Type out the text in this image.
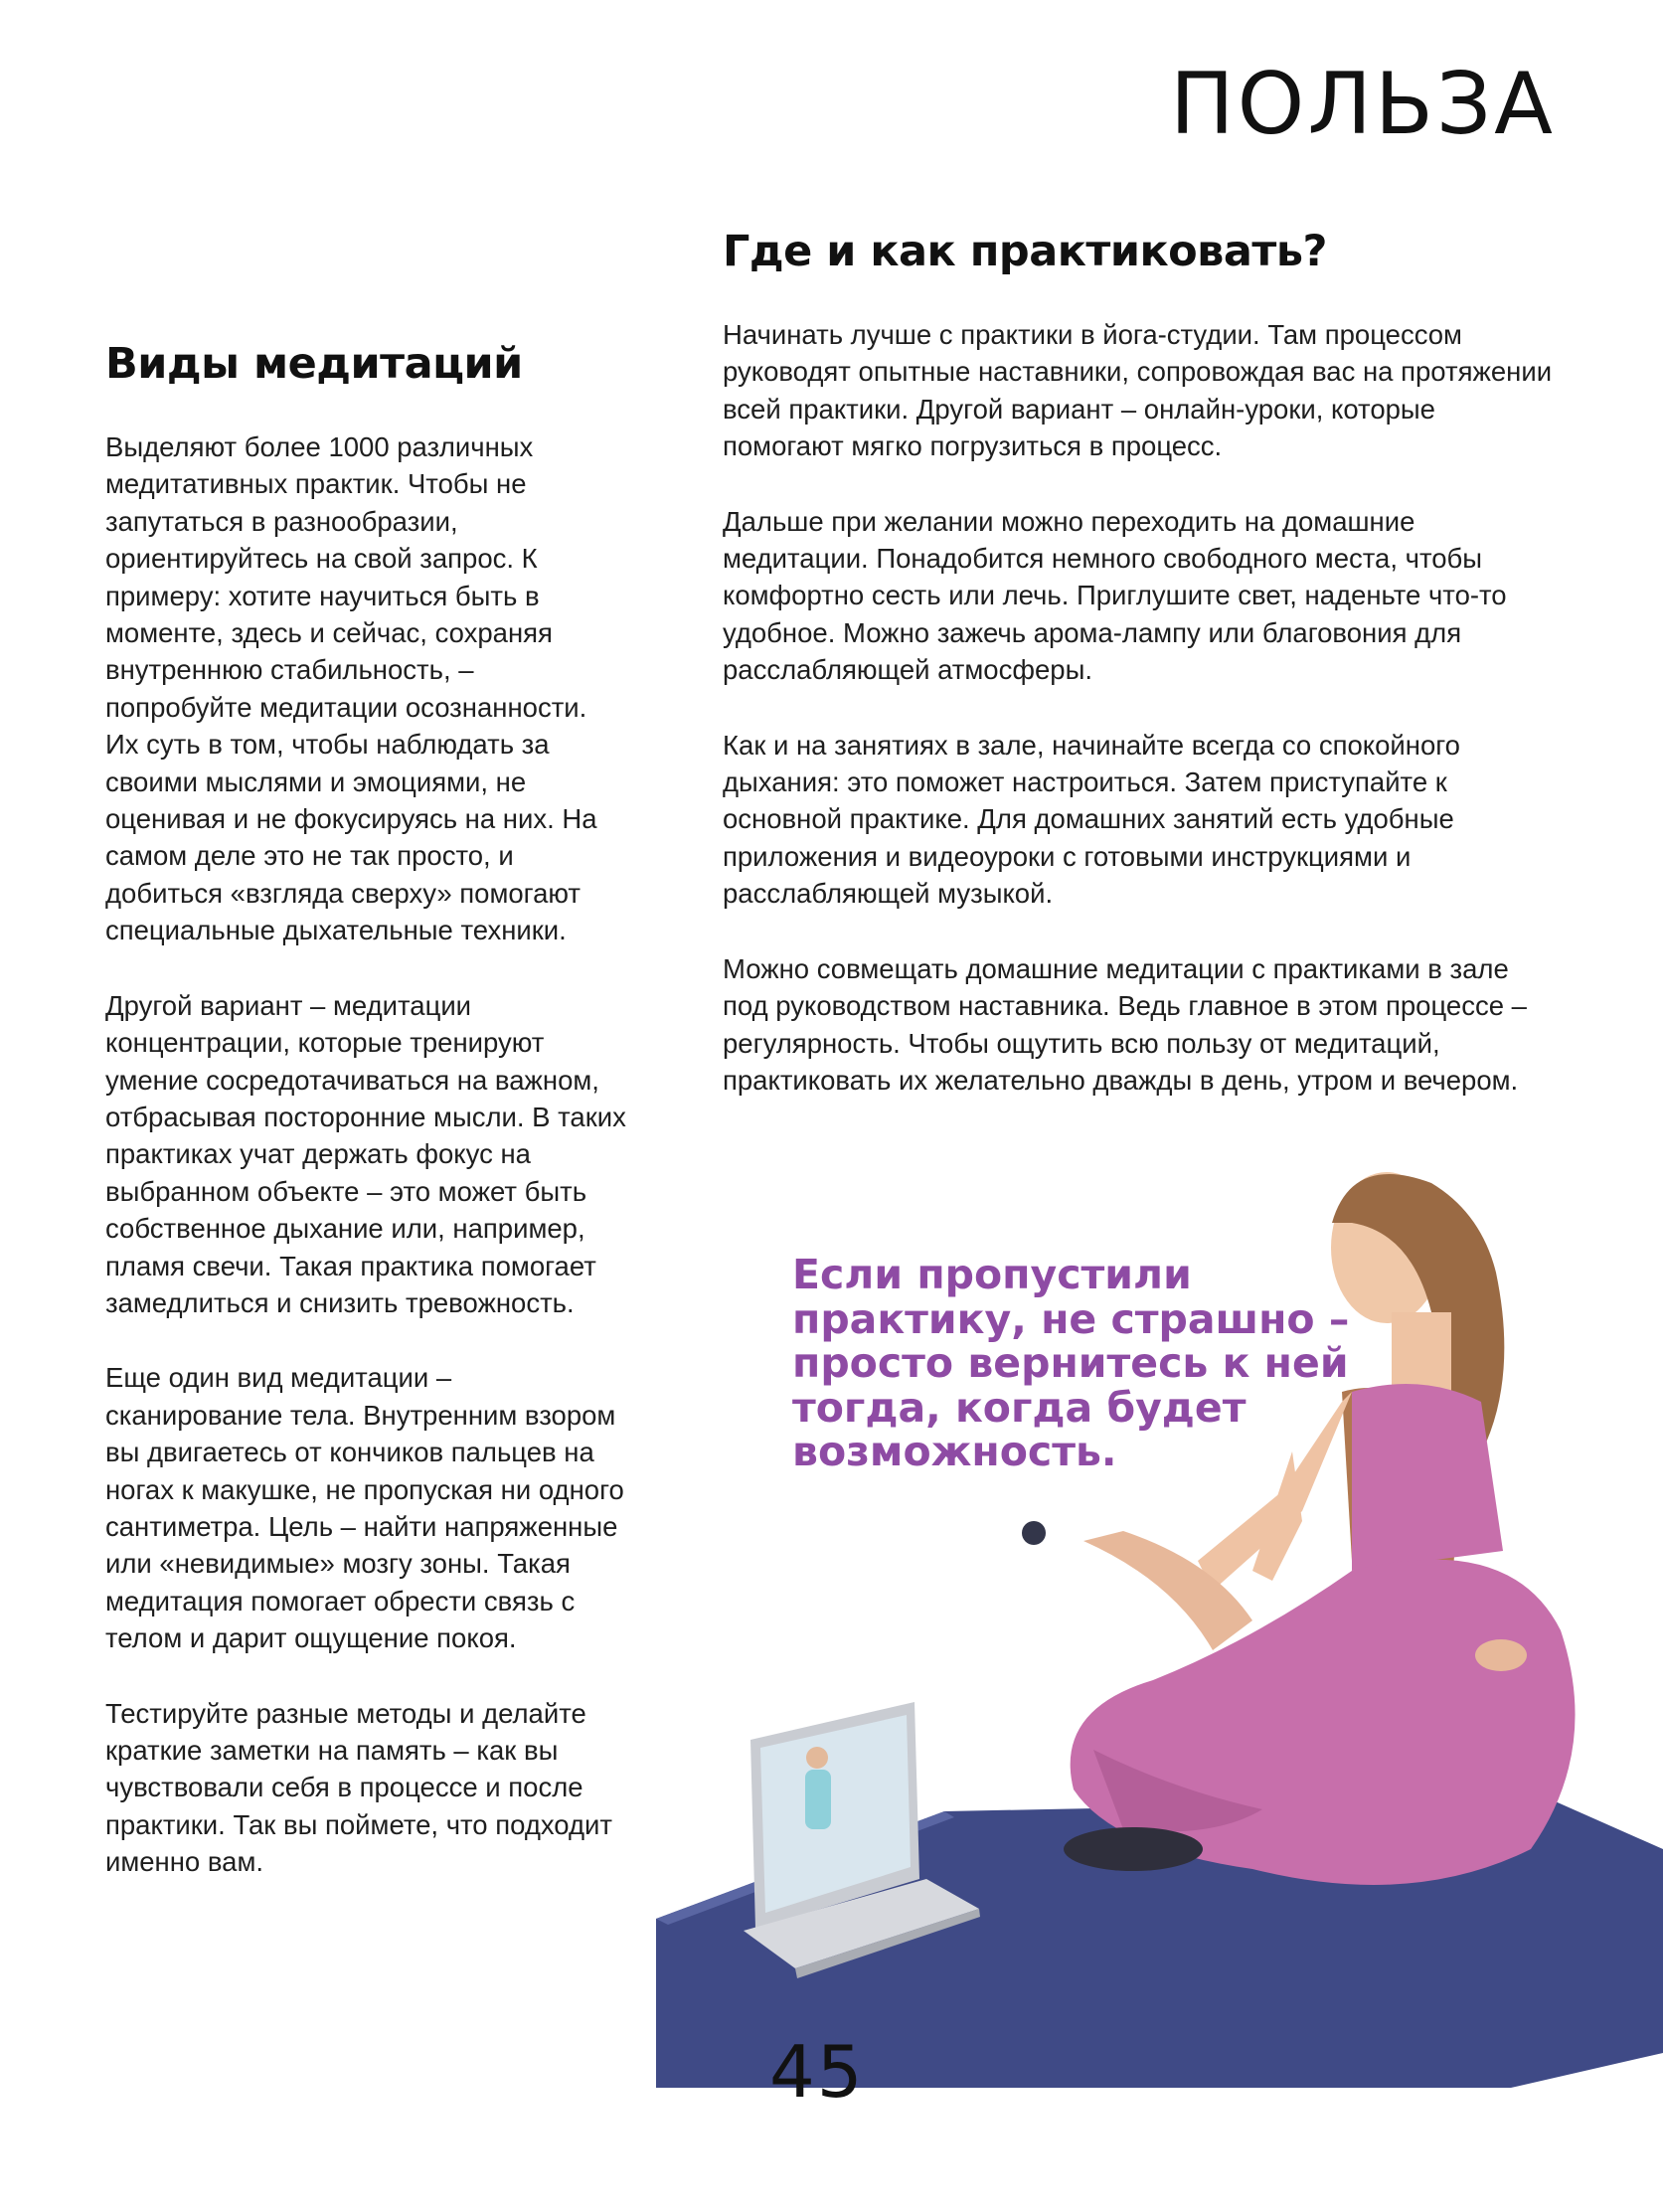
ПОЛЬЗА
Виды медитаций

Выделяют более 1000 различных медитативных практик. Чтобы не запутаться в разнообразии, ориентируйтесь на свой запрос. К примеру: хотите научиться быть в моменте, здесь и сейчас, сохраняя внутреннюю стабильность, – попробуйте медитации осознанности. Их суть в том, чтобы наблюдать за своими мыслями и эмоциями, не оценивая и не фокусируясь на них. На самом деле это не так просто, и добиться «взгляда сверху» помогают специальные дыхательные техники.

Другой вариант – медитации концентрации, которые тренируют умение сосредотачиваться на важном, отбрасывая посторонние мысли. В таких практиках учат держать фокус на выбранном объекте – это может быть собственное дыхание или, например, пламя свечи. Такая практика помогает замедлиться и снизить тревожность.

Еще один вид медитации – сканирование тела. Внутренним взором вы двигаетесь от кончиков пальцев на ногах к макушке, не пропуская ни одного сантиметра. Цель – найти напряженные или «невидимые» мозгу зоны. Такая медитация помогает обрести связь с телом и дарит ощущение покоя.

Тестируйте разные методы и делайте краткие заметки на память – как вы чувствовали себя в процессе и после практики. Так вы поймете, что подходит именно вам.

Где и как практиковать?

Начинать лучше с практики в йога-студии. Там процессом руководят опытные наставники, сопровождая вас на протяжении всей практики. Другой вариант – онлайн-уроки, которые помогают мягко погрузиться в процесс.

Дальше при желании можно переходить на домашние медитации. Понадобится немного свободного места, чтобы комфортно сесть или лечь. Приглушите свет, наденьте что-то удобное. Можно зажечь арома-лампу или благовония для расслабляющей атмосферы.

Как и на занятиях в зале, начинайте всегда со спокойного дыхания: это поможет настроиться. Затем приступайте к основной практике. Для домашних занятий есть удобные приложения и видеоуроки с готовыми инструкциями и расслабляющей музыкой.

Можно совмещать домашние медитации с практиками в зале под руководством наставника. Ведь главное в этом процессе – регулярность. Чтобы ощутить всю пользу от медитаций, практиковать их желательно дважды в день, утром и вечером.

Если пропустили практику, не страшно – просто вернитесь к ней тогда, когда будет возможность.

45
